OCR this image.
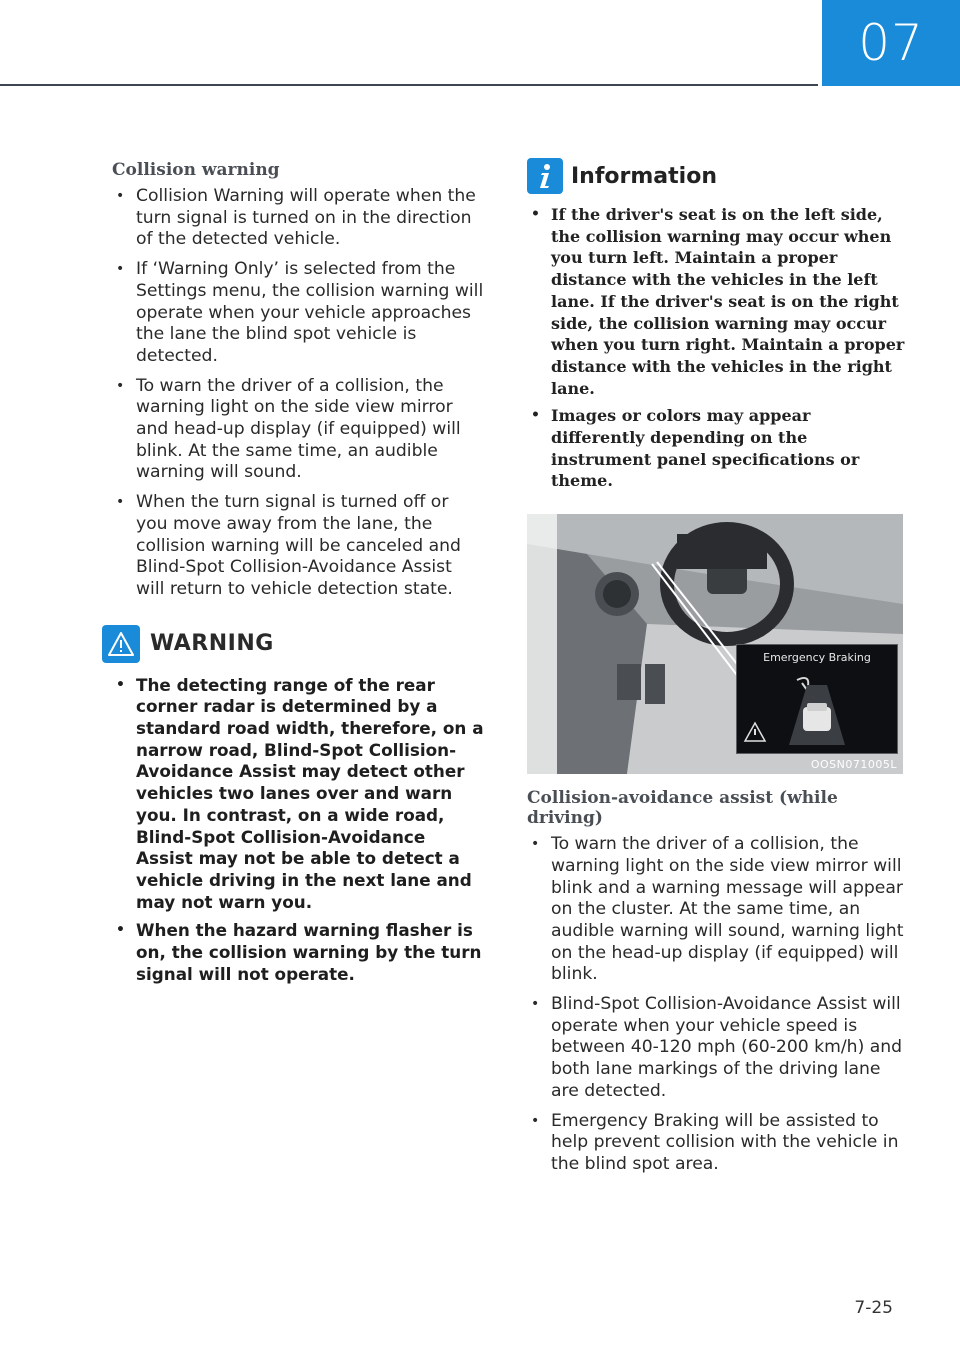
07
Collision warning
• Collision Warning will operate when the turn signal is turned on in the direction of the detected vehicle.
• If ‘Warning Only’ is selected from the Settings menu, the collision warning will operate when your vehicle approaches the lane the blind spot vehicle is detected.
• To warn the driver of a collision, the warning light on the side view mirror and head-up display (if equipped) will blink. At the same time, an audible warning will sound.
• When the turn signal is turned off or you move away from the lane, the collision warning will be canceled and Blind-Spot Collision-Avoidance Assist will return to vehicle detection state.
WARNING
• The detecting range of the rear corner radar is determined by a standard road width, therefore, on a narrow road, Blind-Spot Collision-Avoidance Assist may detect other vehicles two lanes over and warn you. In contrast, on a wide road, Blind-Spot Collision-Avoidance Assist may not be able to detect a vehicle driving in the next lane and may not warn you.
• When the hazard warning flasher is on, the collision warning by the turn signal will not operate.
Information
• If the driver's seat is on the left side, the collision warning may occur when you turn left. Maintain a proper distance with the vehicles in the left lane. If the driver's seat is on the right side, the collision warning may occur when you turn right. Maintain a proper distance with the vehicles in the right lane.
• Images or colors may appear differently depending on the instrument panel specifications or theme.
Emergency Braking
OOSN071005L
Collision-avoidance assist (while driving)
• To warn the driver of a collision, the warning light on the side view mirror will blink and a warning message will appear on the cluster. At the same time, an audible warning will sound, warning light on the head-up display (if equipped) will blink.
• Blind-Spot Collision-Avoidance Assist will operate when your vehicle speed is between 40-120 mph (60-200 km/h) and both lane markings of the driving lane are detected.
• Emergency Braking will be assisted to help prevent collision with the vehicle in the blind spot area.
7-25
